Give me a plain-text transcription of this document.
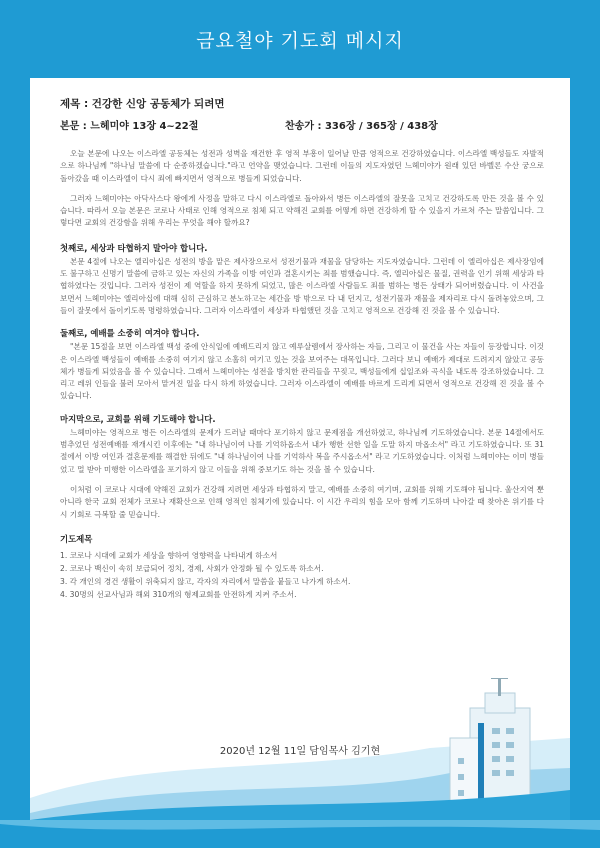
금요철야 기도회 메시지
제목 : 건강한 신앙 공동체가 되려면
본문 : 느헤미야 13장 4~22절	찬송가 : 336장 / 365장 / 438장

오늘 본문에 나오는 이스라엘 공동체는 성전과 성벽을 재건한 후 영적 부흥이 일어날 만큼 영적으로 건강하였습니다. 이스라엘 백성들도 자발적으로 하나님께 "하나님 말씀에 다 순종하겠습니다."라고 언약을 맺었습니다. 그런데 이들의 지도자였던 느헤미야가 원래 있던 바벨론 수산 궁으로 돌아갔을 때 이스라엘이 다시 죄에 빠지면서 영적으로 병들게 되었습니다.

그러자 느헤미야는 아닥사스다 왕에게 사정을 말하고 다시 이스라엘로 돌아와서 병든 이스라엘의 잘못을 고치고 건강하도록 만든 것을 볼 수 있습니다. 따라서 오늘 본문은 코로나 사태로 인해 영적으로 침체 되고 약해진 교회를 어떻게 하면 건강하게 할 수 있을지 가르쳐 주는 말씀입니다. 그렇다면 교회의 건강함을 위해 우리는 무엇을 해야 할까요?

첫째로, 세상과 타협하지 말아야 합니다.

본문 4절에 나오는 엘리아십은 성전의 방을 맡은 제사장으로서 성전기물과 재물을 담당하는 지도자였습니다. 그런데 이 엘리아십은 제사장임에도 불구하고 신명기 말씀에 금하고 있는 자신의 가족을 이방 여인과 결혼시키는 죄를 범했습니다. 즉, 엘리아십은 물질, 권력을 인기 위해 세상과 타협하였다는 것입니다. 그러자 성전이 제 역할을 하지 못하게 되었고, 많은 이스라엘 사람들도 죄를 범하는 병든 상태가 되어버렸습니다. 이 사건을 보면서 느헤미야는 엘리아십에 대해 심히 근심하고 분노하고는 세간을 방 밖으로 다 내 던지고, 성전기물과 재물을 제자리로 다시 돌려놓았으며, 그들이 잘못에서 돌이키도록 명령하였습니다. 그러자 이스라엘이 세상과 타협했던 것을 고치고 영적으로 건강해 진 것을 볼 수 있습니다.

둘째로, 예배를 소중히 여겨야 합니다.

"본문 15절을 보면 이스라엘 백성 중에 안식일에 예배드리지 않고 예루살렘에서 장사하는 자들, 그리고 이 물건을 사는 자들이 등장합니다. 이것은 이스라엘 백성들이 예배를 소중히 여기지 않고 소홀히 여기고 있는 것을 보여주는 대목입니다. 그러다 보니 예배가 제대로 드려지지 않았고 공동체가 병들게 되었음을 볼 수 있습니다. 그래서 느헤미야는 성전을 방치한 관리들을 꾸짖고, 백성들에게 십일조와 곡식을 내도록 강조하였습니다. 그리고 레위 인들을 불러 모아서 맡겨진 일을 다시 하게 하였습니다. 그러자 이스라엘이 예배를 바르게 드리게 되면서 영적으로 건강해 진 것을 볼 수 있습니다.

마지막으로, 교회를 위해 기도해야 합니다.

느헤미야는 영적으로 병든 이스라엘의 문제가 드러날 때마다 포기하지 않고 문제점을 개선하였고, 하나님께 기도하였습니다. 본문 14절에서도 범추었던 성전예배를 재개시킨 이후에는 "내 하나님이여 나를 기억하옵소서 내가 행한 선한 일을 도말 하지 마옵소서" 라고 기도하였습니다. 또 31절에서 이방 여인과 결혼문제를 해결한 뒤에도 "내 하나님이여 나를 기억하사 복을 주시옵소서" 라고 기도하였습니다. 이처럼 느헤미야는 이미 병들었고 멀 받아 미행한 이스라엘을 포기하지 않고 이들을 위해 중보기도 하는 것을 볼 수 있습니다.

이처럼 이 코로나 시대에 약해진 교회가 건강해 지려면 세상과 타협하지 말고, 예배를 소중히 여기며, 교회를 위해 기도해야 됩니다. 울산지역 뿐 아니라 한국 교회 전체가 코로나 재확산으로 인해 영적인 침체기에 있습니다. 이 시간 우리의 힘을 모아 함께 기도하며 나아갈 때 찾아온 위기를 다시 기회로 극복할 줄 믿습니다.

기도제목
1. 코로나 시대에 교회가 세상을 향하여 영향력을 나타내게 하소서
2. 코로나 백신이 속히 보급되어 정치, 경제, 사회가 안정화 될 수 있도록 하소서.
3. 각 개인의 경건 생활이 위축되지 않고, 각자의 자리에서 말씀을 붙들고 나가게 하소서.
4. 30명의 선교사님과 해외 310개의 형제교회를 안전하게 지켜 주소서.
2020년 12월 11일 담임목사 김기현
